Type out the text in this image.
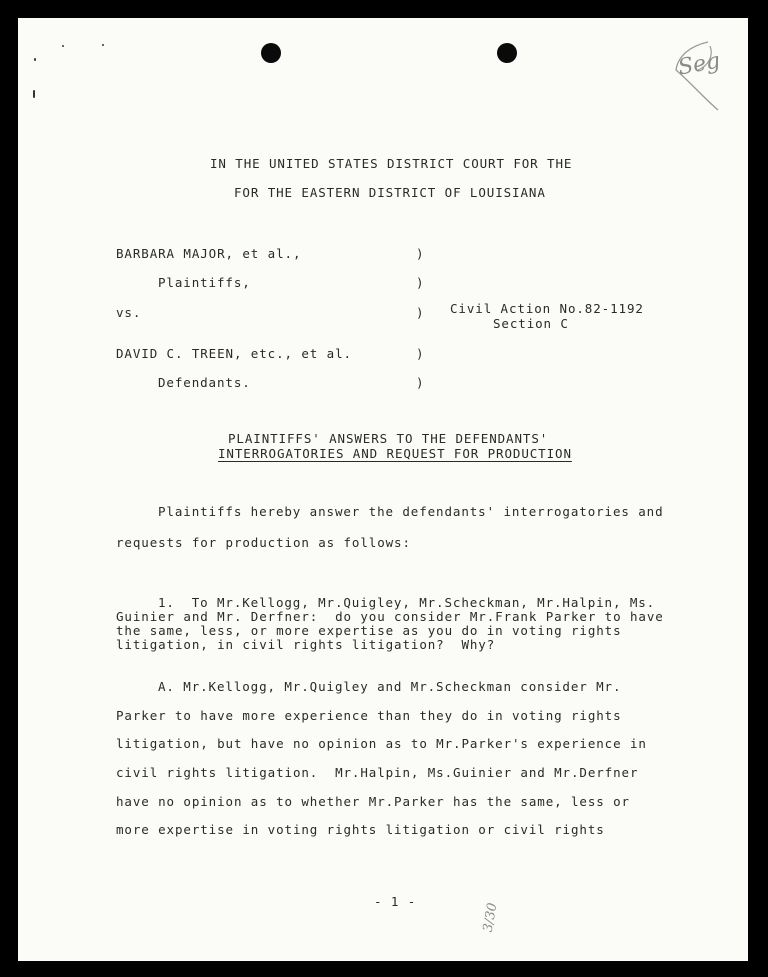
Seg
IN THE UNITED STATES DISTRICT COURT FOR THE
FOR THE EASTERN DISTRICT OF LOUISIANA
BARBARA MAJOR, et al.,	)
Plaintiffs,	)
vs.	) Civil Action No.82-1192
Section C
DAVID C. TREEN, etc., et al.	)
Defendants.	)
PLAINTIFFS' ANSWERS TO THE DEFENDANTS'
INTERROGATORIES AND REQUEST FOR PRODUCTION
Plaintiffs hereby answer the defendants' interrogatories and
requests for production as follows:
1.  To Mr.Kellogg, Mr.Quigley, Mr.Scheckman, Mr.Halpin, Ms.
Guinier and Mr. Derfner:  do you consider Mr.Frank Parker to have
the same, less, or more expertise as you do in voting rights
litigation, in civil rights litigation?  Why?
A. Mr.Kellogg, Mr.Quigley and Mr.Scheckman consider Mr.
Parker to have more experience than they do in voting rights
litigation, but have no opinion as to Mr.Parker's experience in
civil rights litigation.  Mr.Halpin, Ms.Guinier and Mr.Derfner
have no opinion as to whether Mr.Parker has the same, less or
more expertise in voting rights litigation or civil rights
- 1 -
3/30
